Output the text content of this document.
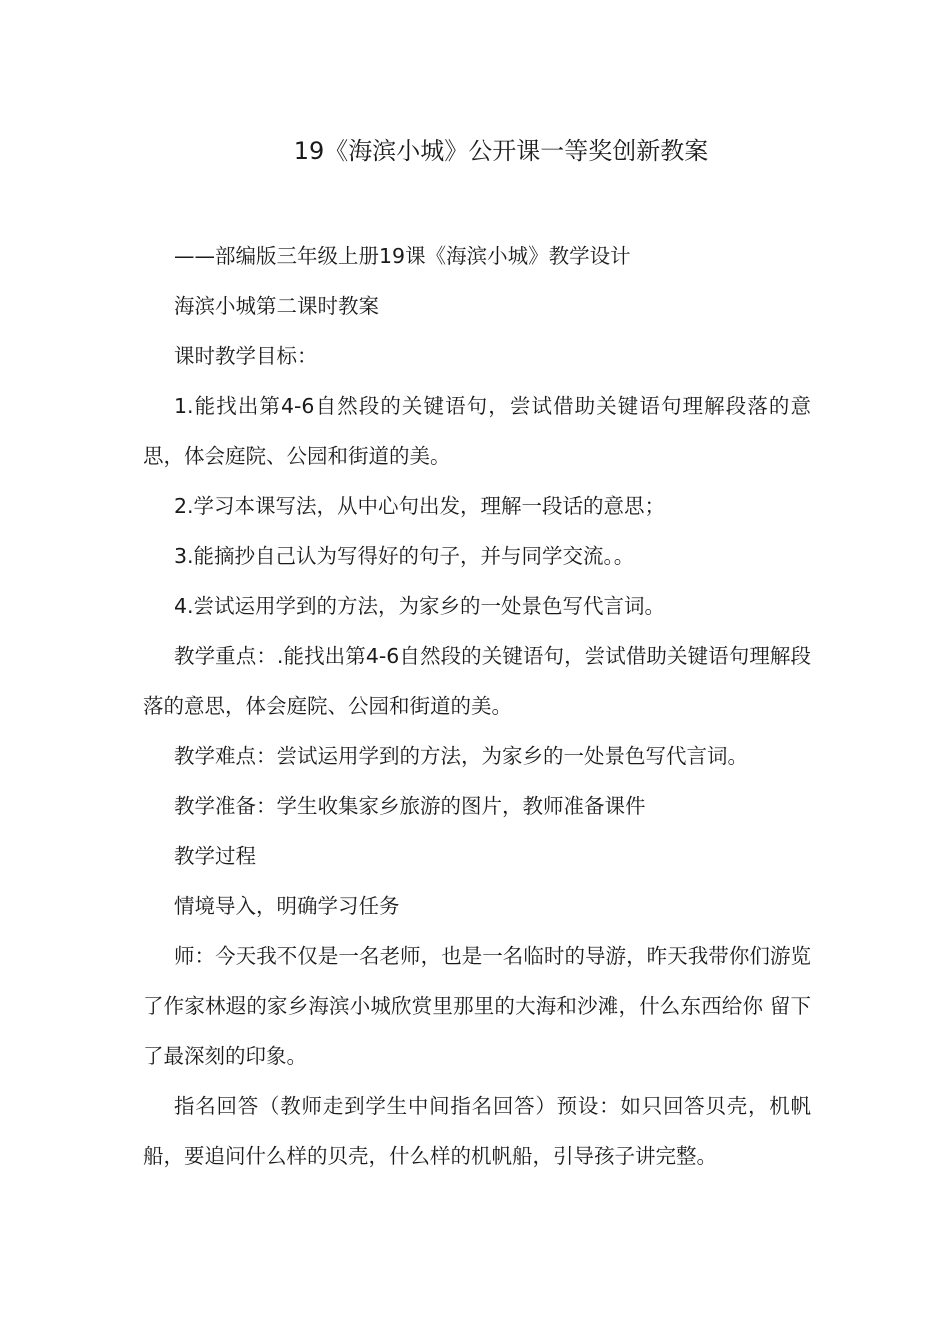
19《海滨小城》公开课一等奖创新教案

——部编版三年级上册19课《海滨小城》教学设计

海滨小城第二课时教案

课时教学目标：

1.能找出第4-6自然段的关键语句，尝试借助关键语句理解段落的意思，体会庭院、公园和街道的美。

2.学习本课写法，从中心句出发，理解一段话的意思；

3.能摘抄自己认为写得好的句子，并与同学交流。。

4.尝试运用学到的方法，为家乡的一处景色写代言词。

教学重点：.能找出第4-6自然段的关键语句，尝试借助关键语句理解段落的意思，体会庭院、公园和街道的美。

教学难点：尝试运用学到的方法，为家乡的一处景色写代言词。

教学准备：学生收集家乡旅游的图片，教师准备课件

教学过程

情境导入，明确学习任务

师：今天我不仅是一名老师，也是一名临时的导游，昨天我带你们游览了作家林遐的家乡海滨小城欣赏里那里的大海和沙滩，什么东西给你 留下了最深刻的印象。

指名回答（教师走到学生中间指名回答）预设：如只回答贝壳，机帆船，要追问什么样的贝壳，什么样的机帆船，引导孩子讲完整。
